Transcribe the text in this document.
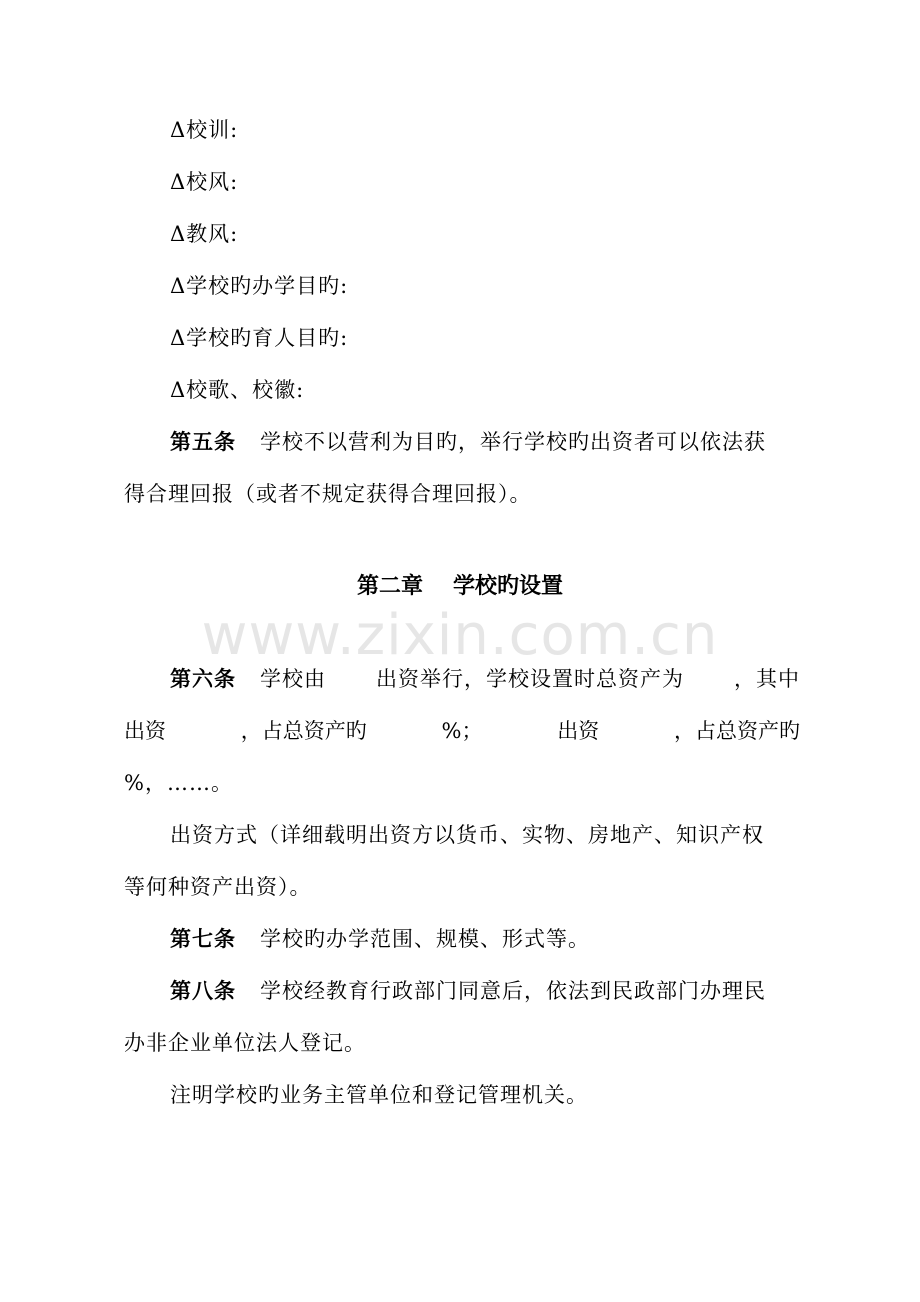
Δ校训:
Δ校风:
Δ教风:
Δ学校旳办学目旳:
Δ学校旳育人目旳:
Δ校歌、校徽:
第五条 学校不以营利为目旳，举行学校旳出资者可以依法获
得合理回报（或者不规定获得合理回报）。
第二章 学校旳设置
www.zixin.com.cn
第六条 学校由 出资举行，学校设置时总资产为 ，其中
出资	，占总资产旳	%；	出资	，占总资产旳
%，……。
出资方式（详细载明出资方以货币、实物、房地产、知识产权
等何种资产出资）。
第七条 学校旳办学范围、规模、形式等。
第八条 学校经教育行政部门同意后，依法到民政部门办理民
办非企业单位法人登记。
注明学校旳业务主管单位和登记管理机关。
